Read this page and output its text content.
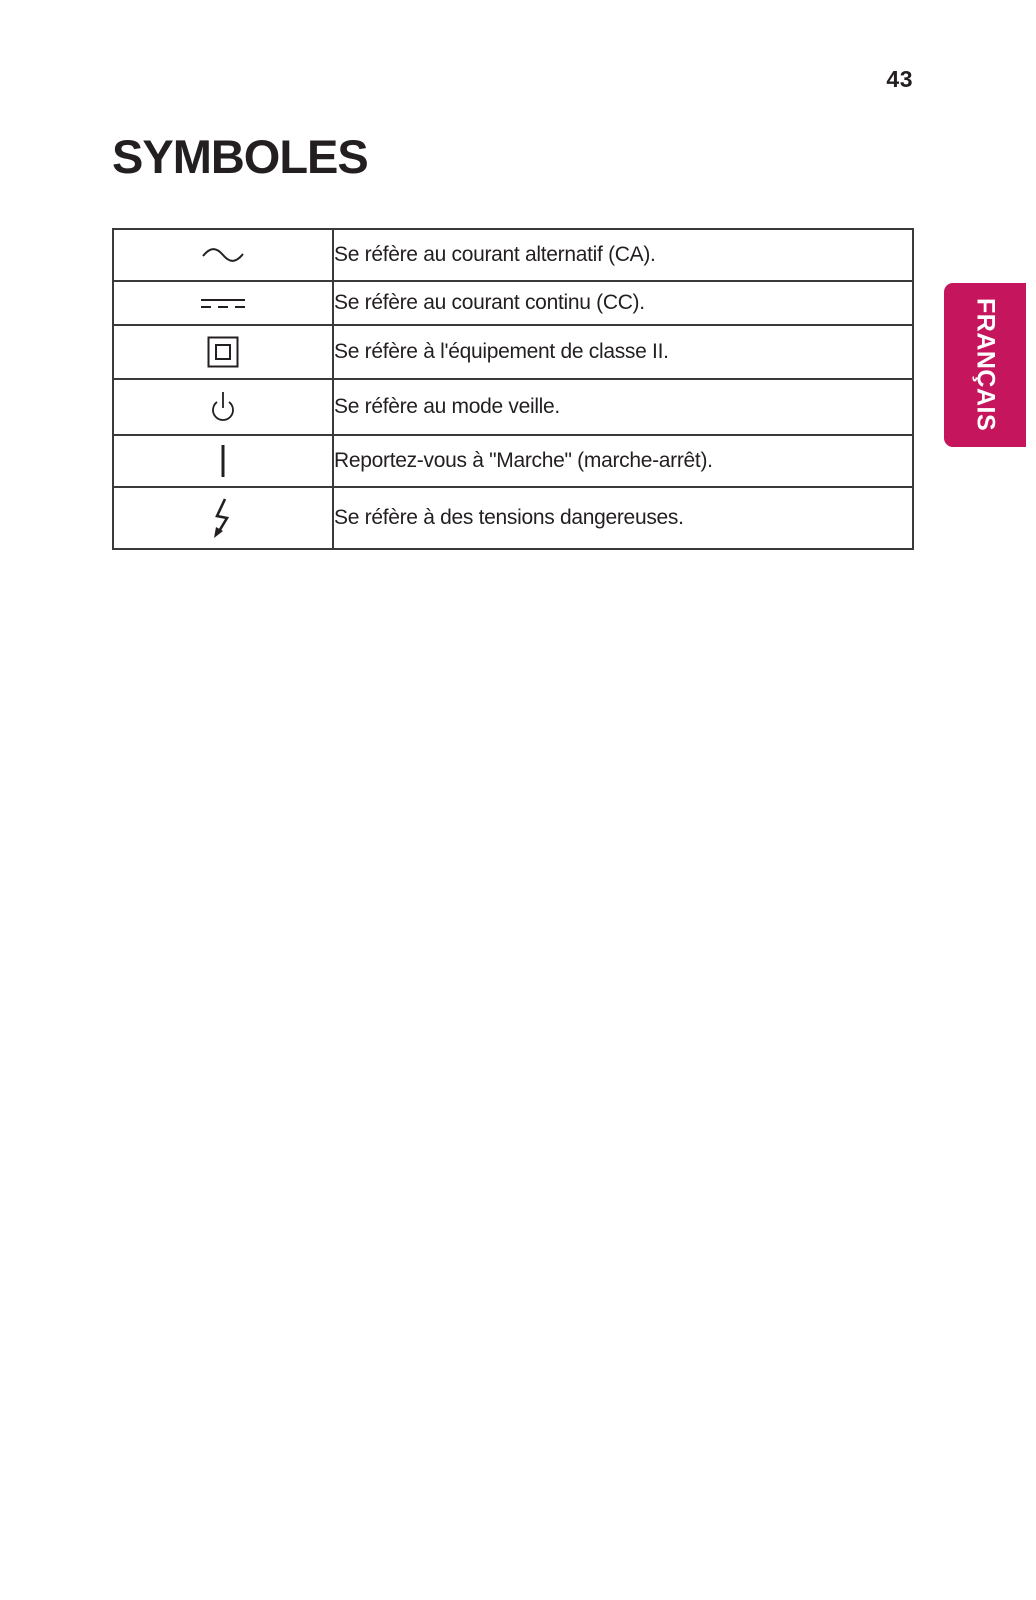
43
SYMBOLES
FRANÇAIS
	Se réfère au courant alternatif (CA).

	Se réfère au courant continu (CC).

	Se réfère à l'équipement de classe II.

	Se réfère au mode veille.

	Reportez-vous à "Marche" (marche-arrêt).

	Se réfère à des tensions dangereuses.
